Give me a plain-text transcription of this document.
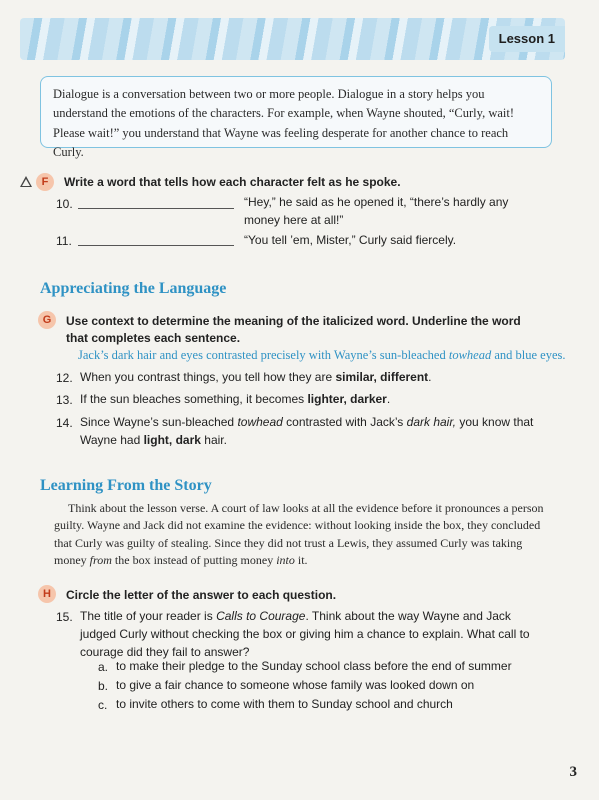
Lesson 1
Dialogue is a conversation between two or more people. Dialogue in a story helps you understand the emotions of the characters. For example, when Wayne shouted, “Curly, wait! Please wait!” you understand that Wayne was feeling desperate for another chance to reach Curly.
F	Write a word that tells how each character felt as he spoke.
10.	“Hey,” he said as he opened it, “there’s hardly any money here at all!”
11.	“You tell ’em, Mister,” Curly said fiercely.
Appreciating the Language
G	Use context to determine the meaning of the italicized word. Underline the word that completes each sentence.
Jack’s dark hair and eyes contrasted precisely with Wayne’s sun-bleached towhead and blue eyes.
12. When you contrast things, you tell how they are similar, different.
13. If the sun bleaches something, it becomes lighter, darker.
14. Since Wayne’s sun-bleached towhead contrasted with Jack’s dark hair, you know that Wayne had light, dark hair.
Learning From the Story

Think about the lesson verse. A court of law looks at all the evidence before it pronounces a person guilty. Wayne and Jack did not examine the evidence: without looking inside the box, they concluded that Curly was guilty of stealing. Since they did not trust a Lewis, they assumed Curly was taking money from the box instead of putting money into it.

H	Circle the letter of the answer to each question.
15. The title of your reader is Calls to Courage. Think about the way Wayne and Jack judged Curly without checking the box or giving him a chance to explain. What call to courage did they fail to answer?
a. to make their pledge to the Sunday school class before the end of summer
b. to give a fair chance to someone whose family was looked down on
c. to invite others to come with them to Sunday school and church
3
